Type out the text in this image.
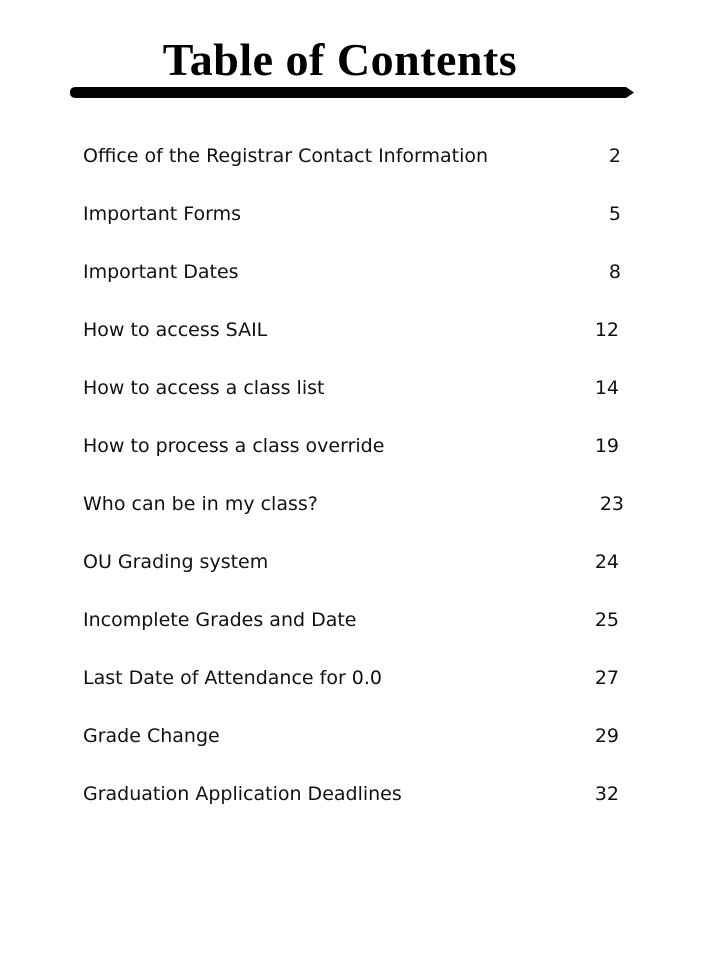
Table of Contents
Office of the Registrar Contact Information	2
Important Forms	5
Important Dates	8
How to access SAIL	12
How to access a class list	14
How to process a class override	19
Who can be in my class?	23
OU Grading system	24
Incomplete Grades and Date	25
Last Date of Attendance for 0.0	27
Grade Change	29
Graduation Application Deadlines	32
